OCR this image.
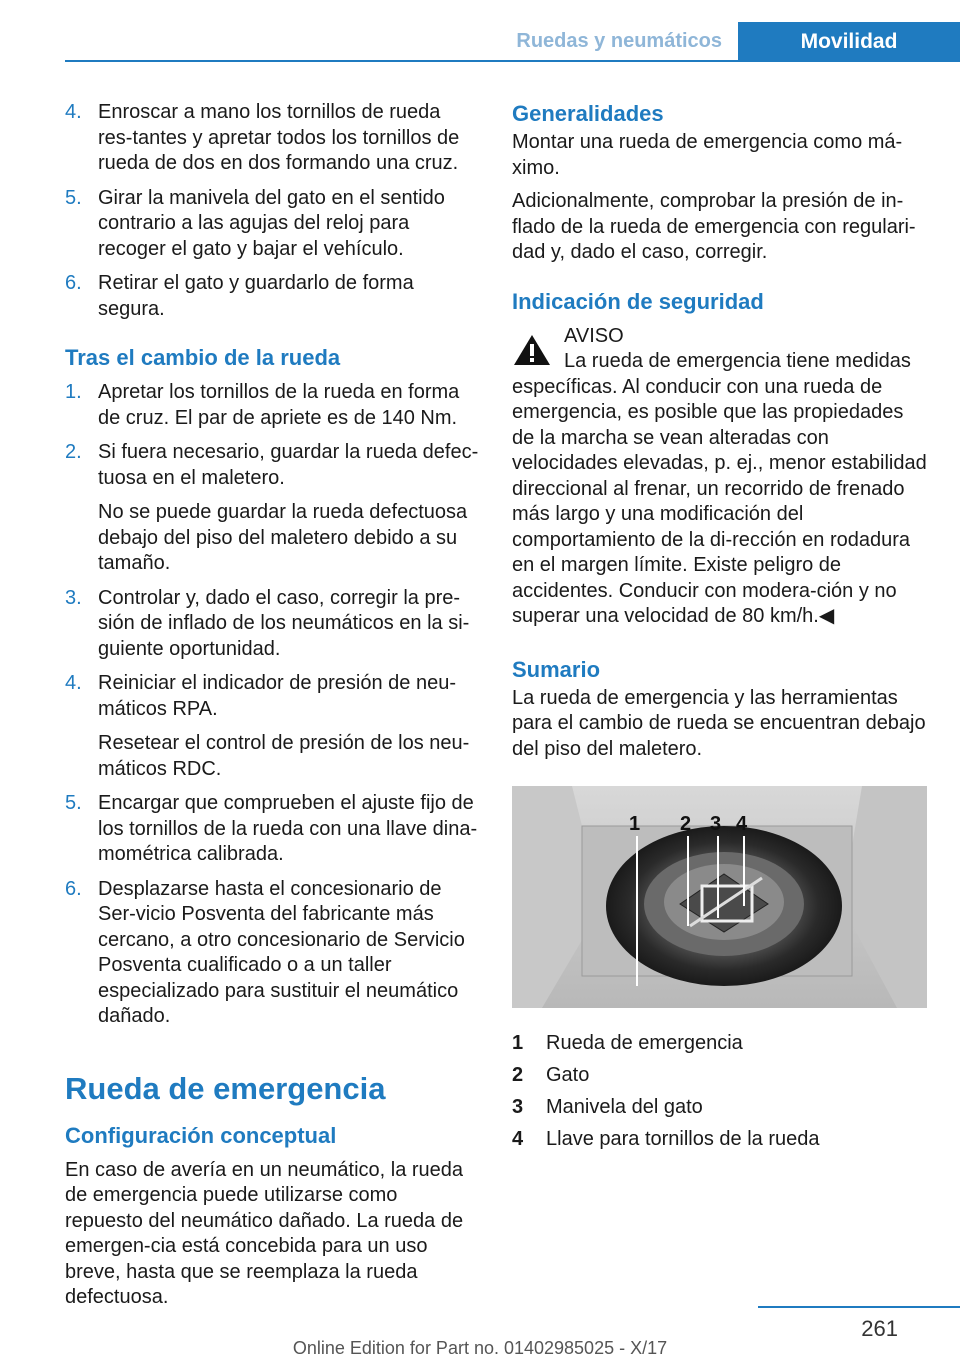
Ruedas y neumáticos	Movilidad
4. Enroscar a mano los tornillos de rueda res-tantes y apretar todos los tornillos de rueda de dos en dos formando una cruz.

5. Girar la manivela del gato en el sentido contrario a las agujas del reloj para recoger el gato y bajar el vehículo.

6. Retirar el gato y guardarlo de forma segura.

Tras el cambio de la rueda
1. Apretar los tornillos de la rueda en forma de cruz. El par de apriete es de 140 Nm.

2. Si fuera necesario, guardar la rueda defec-tuosa en el maletero.

No se puede guardar la rueda defectuosa debajo del piso del maletero debido a su tamaño.

3. Controlar y, dado el caso, corregir la pre-sión de inflado de los neumáticos en la si-guiente oportunidad.

4. Reiniciar el indicador de presión de neu-máticos RPA.

Resetear el control de presión de los neu-máticos RDC.

5. Encargar que comprueben el ajuste fijo de los tornillos de la rueda con una llave dina-mométrica calibrada.

6. Desplazarse hasta el concesionario de Ser-vicio Posventa del fabricante más cercano, a otro concesionario de Servicio Posventa cualificado o a un taller especializado para sustituir el neumático dañado.

Rueda de emergencia
Configuración conceptual
En caso de avería en un neumático, la rueda de emergencia puede utilizarse como repuesto del neumático dañado. La rueda de emergen-cia está concebida para un uso breve, hasta que se reemplaza la rueda defectuosa.
Generalidades
Montar una rueda de emergencia como má-ximo.
Adicionalmente, comprobar la presión de in-flado de la rueda de emergencia con regulari-dad y, dado el caso, corregir.
Indicación de seguridad
AVISO
La rueda de emergencia tiene medidas
específicas. Al conducir con una rueda de emergencia, es posible que las propiedades de la marcha se vean alteradas con velocidades elevadas, p. ej., menor estabilidad direccional al frenar, un recorrido de frenado más largo y una modificación del comportamiento de la di-rección en rodadura en el margen límite. Existe peligro de accidentes. Conducir con modera-ción y no superar una velocidad de 80 km/h.◀
Sumario
La rueda de emergencia y las herramientas para el cambio de rueda se encuentran debajo del piso del maletero.
1 2 3 4
1	Rueda de emergencia
2	Gato
3	Manivela del gato
4	Llave para tornillos de la rueda
261
Online Edition for Part no. 01402985025 - X/17
